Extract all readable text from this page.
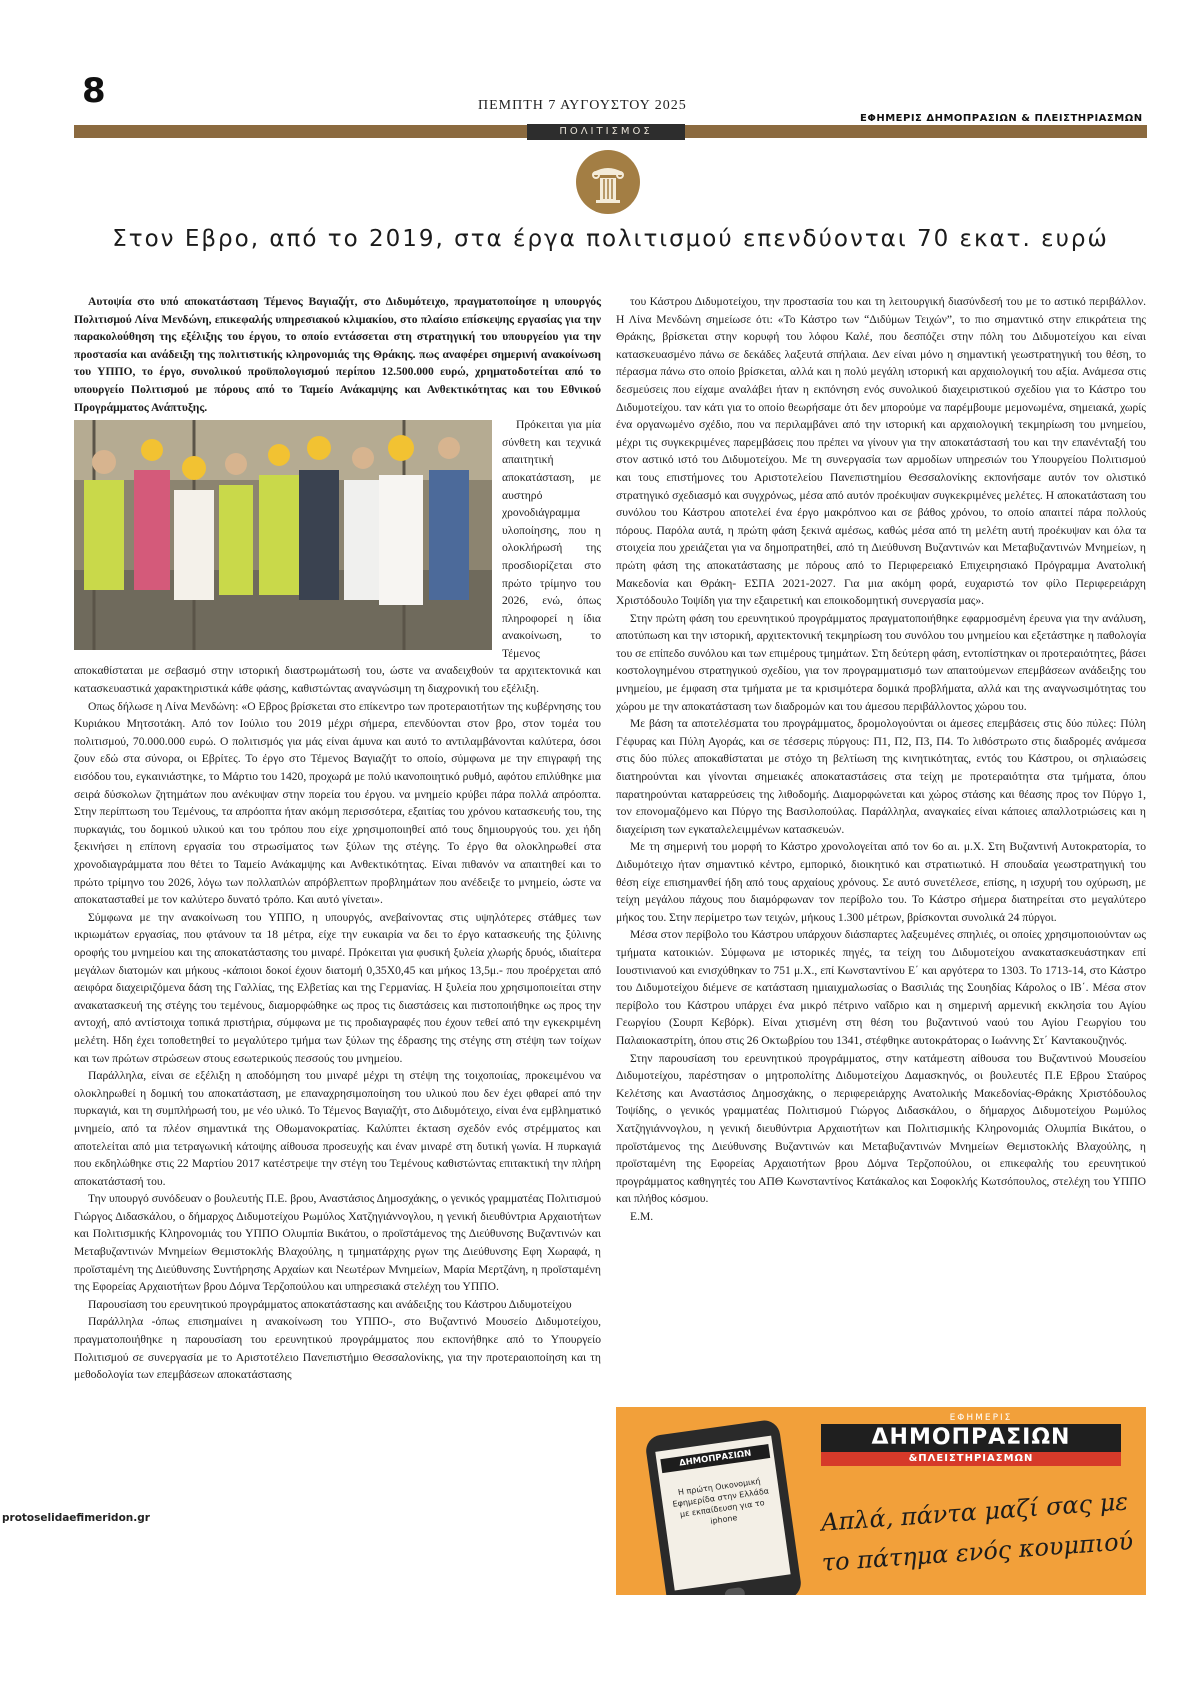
8	ΠΕΜΠΤΗ 7 ΑΥΓΟΥΣΤΟΥ 2025
ΕΦΗΜΕΡΙΣ ΔΗΜΟΠΡΑΣΙΩΝ & ΠΛΕΙΣΤΗΡΙΑΣΜΩΝ
ΠΟΛΙΤΙΣΜΟΣ
Στον Εβρο, από το 2019, στα έργα πολιτισμού επενδύονται 70 εκατ. ευρώ

Αυτοψία στο υπό αποκατάσταση Τέμενος Βαγιαζήτ, στο Διδυμότειχο, πραγματοποίησε η υπουργός Πολιτισμού Λίνα Μενδώνη, επικεφαλής υπηρεσιακού κλιμακίου, στο πλαίσιο επίσκεψης εργασίας για την παρακολούθηση της εξέλιξης του έργου, το οποίο εντάσσεται στη στρατηγική του υπουργείου για την προστασία και ανάδειξη της πολιτιστικής κληρονομιάς της Θράκης. πως αναφέρει σημερινή ανακοίνωση του ΥΠΠΟ, το έργο, συνολικού προϋπολογισμού περίπου 12.500.000 ευρώ, χρηματοδοτείται από το υπουργείο Πολιτισμού με πόρους από το Ταμείο Ανάκαμψης και Ανθεκτικότητας και του Εθνικού Προγράμματος Ανάπτυξης.

Πρόκειται για μία σύνθετη και τεχνικά απαιτητική αποκατάσταση, με αυστηρό χρονοδιάγραμμα υλοποίησης, που η ολοκλήρωσή της προσδιορίζεται στο πρώτο τρίμηνο του 2026, ενώ, όπως πληροφορεί η ίδια ανακοίνωση, το Τέμενος αποκαθίσταται με σεβασμό στην ιστορική διαστρωμάτωσή του, ώστε να αναδειχθούν τα αρχιτεκτονικά και κατασκευαστικά χαρακτηριστικά κάθε φάσης, καθιστώντας αναγνώσιμη τη διαχρονική του εξέλιξη.

Οπως δήλωσε η Λίνα Μενδώνη: «Ο Εβρος βρίσκεται στο επίκεντρο των προτεραιοτήτων της κυβέρνησης του Κυριάκου Μητσοτάκη. Από τον Ιούλιο του 2019 μέχρι σήμερα, επενδύονται στον βρο, στον τομέα του πολιτισμού, 70.000.000 ευρώ. Ο πολιτισμός για μάς είναι άμυνα και αυτό το αντιλαμβάνονται καλύτερα, όσοι ζουν εδώ στα σύνορα, οι Εβρίτες. Το έργο στο Τέμενος Βαγιαζήτ το οποίο, σύμφωνα με την επιγραφή της εισόδου του, εγκαινιάστηκε, το Μάρτιο του 1420, προχωρά με πολύ ικανοποιητικό ρυθμό, αφότου επιλύθηκε μια σειρά δύσκολων ζητημάτων που ανέκυψαν στην πορεία του έργου. να μνημείο κρύβει πάρα πολλά απρόοπτα. Στην περίπτωση του Τεμένους, τα απρόοπτα ήταν ακόμη περισσότερα, εξαιτίας του χρόνου κατασκευής του, της πυρκαγιάς, του δομικού υλικού και του τρόπου που είχε χρησιμοποιηθεί από τους δημιουργούς του. χει ήδη ξεκινήσει η επίπονη εργασία του στρωσίματος των ξύλων της στέγης. Το έργο θα ολοκληρωθεί στα χρονοδιαγράμματα που θέτει το Ταμείο Ανάκαμψης και Ανθεκτικότητας. Είναι πιθανόν να απαιτηθεί και το πρώτο τρίμηνο του 2026, λόγω των πολλαπλών απρόβλεπτων προβλημάτων που ανέδειξε το μνημείο, ώστε να αποκατασταθεί με τον καλύτερο δυνατό τρόπο. Και αυτό γίνεται».

Σύμφωνα με την ανακοίνωση του ΥΠΠΟ, η υπουργός, ανεβαίνοντας στις υψηλότερες στάθμες των ικριωμάτων εργασίας, που φτάνουν τα 18 μέτρα, είχε την ευκαιρία να δει το έργο κατασκευής της ξύλινης οροφής του μνημείου και της αποκατάστασης του μιναρέ. Πρόκειται για φυσική ξυλεία χλωρής δρυός, ιδιαίτερα μεγάλων διατομών και μήκους -κάποιοι δοκοί έχουν διατομή 0,35Χ0,45 και μήκος 13,5μ.- που προέρχεται από αειφόρα διαχειριζόμενα δάση της Γαλλίας, της Ελβετίας και της Γερμανίας. Η ξυλεία που χρησιμοποιείται στην ανακατασκευή της στέγης του τεμένους, διαμορφώθηκε ως προς τις διαστάσεις και πιστοποιήθηκε ως προς την αντοχή, από αντίστοιχα τοπικά πριστήρια, σύμφωνα με τις προδιαγραφές που έχουν τεθεί από την εγκεκριμένη μελέτη. Ηδη έχει τοποθετηθεί το μεγαλύτερο τμήμα των ξύλων της έδρασης της στέγης στη στέψη των τοίχων και των πρώτων στρώσεων στους εσωτερικούς πεσσούς του μνημείου.

Παράλληλα, είναι σε εξέλιξη η αποδόμηση του μιναρέ μέχρι τη στέψη της τοιχοποιίας, προκειμένου να ολοκληρωθεί η δομική του αποκατάσταση, με επαναχρησιμοποίηση του υλικού που δεν έχει φθαρεί από την πυρκαγιά, και τη συμπλήρωσή του, με νέο υλικό. Το Τέμενος Βαγιαζήτ, στο Διδυμότειχο, είναι ένα εμβληματικό μνημείο, από τα πλέον σημαντικά της Οθωμανοκρατίας. Καλύπτει έκταση σχεδόν ενός στρέμματος και αποτελείται από μια τετραγωνική κάτοψης αίθουσα προσευχής και έναν μιναρέ στη δυτική γωνία. Η πυρκαγιά που εκδηλώθηκε στις 22 Μαρτίου 2017 κατέστρεψε την στέγη του Τεμένους καθιστώντας επιτακτική την πλήρη αποκατάστασή του.

Την υπουργό συνόδευαν ο βουλευτής Π.Ε. βρου, Αναστάσιος Δημοσχάκης, ο γενικός γραμματέας Πολιτισμού Γιώργος Διδασκάλου, ο δήμαρχος Διδυμοτείχου Ρωμύλος Χατζηγιάννογλου, η γενική διευθύντρια Αρχαιοτήτων και Πολιτισμικής Κληρονομιάς του ΥΠΠΟ Ολυμπία Βικάτου, ο προϊστάμενος της Διεύθυνσης Βυζαντινών και Μεταβυζαντινών Μνημείων Θεμιστοκλής Βλαχούλης, η τμηματάρχης ργων της Διεύθυνσης Εφη Χωραφά, η προϊσταμένη της Διεύθυνσης Συντήρησης Αρχαίων και Νεωτέρων Μνημείων, Μαρία Μερτζάνη, η προϊσταμένη της Εφορείας Αρχαιοτήτων βρου Δόμνα Τερζοπούλου και υπηρεσιακά στελέχη του ΥΠΠΟ.

Παρουσίαση του ερευνητικού προγράμματος αποκατάστασης και ανάδειξης του Κάστρου Διδυμοτείχου

Παράλληλα -όπως επισημαίνει η ανακοίνωση του ΥΠΠΟ-, στο Βυζαντινό Μουσείο Διδυμοτείχου, πραγματοποιήθηκε η παρουσίαση του ερευνητικού προγράμματος που εκπονήθηκε από το Υπουργείο Πολιτισμού σε συνεργασία με το Αριστοτέλειο Πανεπιστήμιο Θεσσαλονίκης, για την προτεραιοποίηση και τη μεθοδολογία των επεμβάσεων αποκατάστασης

του Κάστρου Διδυμοτείχου, την προστασία του και τη λειτουργική διασύνδεσή του με το αστικό περιβάλλον. Η Λίνα Μενδώνη σημείωσε ότι: «Το Κάστρο των “Διδύμων Τειχών”, το πιο σημαντικό στην επικράτεια της Θράκης, βρίσκεται στην κορυφή του λόφου Καλέ, που δεσπόζει στην πόλη του Διδυμοτείχου και είναι κατασκευασμένο πάνω σε δεκάδες λαξευτά σπήλαια. Δεν είναι μόνο η σημαντική γεωστρατηγική του θέση, το πέρασμα πάνω στο οποίο βρίσκεται, αλλά και η πολύ μεγάλη ιστορική και αρχαιολογική του αξία. Ανάμεσα στις δεσμεύσεις που είχαμε αναλάβει ήταν η εκπόνηση ενός συνολικού διαχειριστικού σχεδίου για το Κάστρο του Διδυμοτείχου. ταν κάτι για το οποίο θεωρήσαμε ότι δεν μπορούμε να παρέμβουμε μεμονωμένα, σημειακά, χωρίς ένα οργανωμένο σχέδιο, που να περιλαμβάνει από την ιστορική και αρχαιολογική τεκμηρίωση του μνημείου, μέχρι τις συγκεκριμένες παρεμβάσεις που πρέπει να γίνουν για την αποκατάστασή του και την επανένταξή του στον αστικό ιστό του Διδυμοτείχου. Με τη συνεργασία των αρμοδίων υπηρεσιών του Υπουργείου Πολιτισμού και τους επιστήμονες του Αριστοτελείου Πανεπιστημίου Θεσσαλονίκης εκπονήσαμε αυτόν τον ολιστικό στρατηγικό σχεδιασμό και συγχρόνως, μέσα από αυτόν προέκυψαν συγκεκριμένες μελέτες. Η αποκατάσταση του συνόλου του Κάστρου αποτελεί ένα έργο μακρόπνοο και σε βάθος χρόνου, το οποίο απαιτεί πάρα πολλούς πόρους. Παρόλα αυτά, η πρώτη φάση ξεκινά αμέσως, καθώς μέσα από τη μελέτη αυτή προέκυψαν και όλα τα στοιχεία που χρειάζεται για να δημοπρατηθεί, από τη Διεύθυνση Βυζαντινών και Μεταβυζαντινών Μνημείων, η πρώτη φάση της αποκατάστασης με πόρους από το Περιφερειακό Επιχειρησιακό Πρόγραμμα Ανατολική Μακεδονία και Θράκη- ΕΣΠΑ 2021-2027. Για μια ακόμη φορά, ευχαριστώ τον φίλο Περιφερειάρχη Χριστόδουλο Τοψίδη για την εξαιρετική και εποικοδομητική συνεργασία μας».

Στην πρώτη φάση του ερευνητικού προγράμματος πραγματοποιήθηκε εφαρμοσμένη έρευνα για την ανάλυση, αποτύπωση και την ιστορική, αρχιτεκτονική τεκμηρίωση του συνόλου του μνημείου και εξετάστηκε η παθολογία του σε επίπεδο συνόλου και των επιμέρους τμημάτων. Στη δεύτερη φάση, εντοπίστηκαν οι προτεραιότητες, βάσει κοστολογημένου στρατηγικού σχεδίου, για τον προγραμματισμό των απαιτούμενων επεμβάσεων ανάδειξης του μνημείου, με έμφαση στα τμήματα με τα κρισιμότερα δομικά προβλήματα, αλλά και της αναγνωσιμότητας του χώρου με την αποκατάσταση των διαδρομών και του άμεσου περιβάλλοντος χώρου του.

Με βάση τα αποτελέσματα του προγράμματος, δρομολογούνται οι άμεσες επεμβάσεις στις δύο πύλες: Πύλη Γέφυρας και Πύλη Αγοράς, και σε τέσσερις πύργους: Π1, Π2, Π3, Π4. Το λιθόστρωτο στις διαδρομές ανάμεσα στις δύο πύλες αποκαθίσταται με στόχο τη βελτίωση της κινητικότητας, εντός του Κάστρου, οι σηλιαώσεις διατηρούνται και γίνονται σημειακές αποκαταστάσεις στα τείχη με προτεραιότητα στα τμήματα, όπου παρατηρούνται καταρρεύσεις της λιθοδομής. Διαμορφώνεται και χώρος στάσης και θέασης προς τον Πύργο 1, τον επονομαζόμενο και Πύργο της Βασιλοπούλας. Παράλληλα, αναγκαίες είναι κάποιες απαλλοτριώσεις και η διαχείριση των εγκαταλελειμμένων κατασκευών.

Με τη σημερινή του μορφή το Κάστρο χρονολογείται από τον 6ο αι. μ.Χ. Στη Βυζαντινή Αυτοκρατορία, το Διδυμότειχο ήταν σημαντικό κέντρο, εμπορικό, διοικητικό και στρατιωτικό. Η σπουδαία γεωστρατηγική του θέση είχε επισημανθεί ήδη από τους αρχαίους χρόνους. Σε αυτό συνετέλεσε, επίσης, η ισχυρή του οχύρωση, με τείχη μεγάλου πάχους που διαμόρφωναν τον περίβολο του. Το Κάστρο σήμερα διατηρείται στο μεγαλύτερο μήκος του. Στην περίμετρο των τειχών, μήκους 1.300 μέτρων, βρίσκονται συνολικά 24 πύργοι.

Μέσα στον περίβολο του Κάστρου υπάρχουν διάσπαρτες λαξευμένες σπηλιές, οι οποίες χρησιμοποιούνταν ως τμήματα κατοικιών. Σύμφωνα με ιστορικές πηγές, τα τείχη του Διδυμοτείχου ανακατασκευάστηκαν επί Ιουστινιανού και ενισχύθηκαν το 751 μ.Χ., επί Κωνσταντίνου Ε΄ και αργότερα το 1303. Το 1713-14, στο Κάστρο του Διδυμοτείχου διέμενε σε κατάσταση ημιαιχμαλωσίας ο Βασιλιάς της Σουηδίας Κάρολος ο ΙΒ΄. Μέσα στον περίβολο του Κάστρου υπάρχει ένα μικρό πέτρινο ναΐδριο και η σημερινή αρμενική εκκλησία του Αγίου Γεωργίου (Σουρπ Κεβόρκ). Είναι χτισμένη στη θέση του βυζαντινού ναού του Αγίου Γεωργίου του Παλαιοκαστρίτη, όπου στις 26 Οκτωβρίου του 1341, στέφθηκε αυτοκράτορας ο Ιωάννης Στ΄ Καντακουζηνός.

Στην παρουσίαση του ερευνητικού προγράμματος, στην κατάμεστη αίθουσα του Βυζαντινού Μουσείου Διδυμοτείχου, παρέστησαν ο μητροπολίτης Διδυμοτείχου Δαμασκηνός, οι βουλευτές Π.Ε Εβρου Σταύρος Κελέτσης και Αναστάσιος Δημοσχάκης, ο περιφερειάρχης Ανατολικής Μακεδονίας-Θράκης Χριστόδουλος Τοψίδης, ο γενικός γραμματέας Πολιτισμού Γιώργος Διδασκάλου, ο δήμαρχος Διδυμοτείχου Ρωμύλος Χατζηγιάννογλου, η γενική διευθύντρια Αρχαιοτήτων και Πολιτισμικής Κληρονομιάς Ολυμπία Βικάτου, ο προϊστάμενος της Διεύθυνσης Βυζαντινών και Μεταβυζαντινών Μνημείων Θεμιστοκλής Βλαχούλης, η προϊσταμένη της Εφορείας Αρχαιοτήτων βρου Δόμνα Τερζοπούλου, οι επικεφαλής του ερευνητικού προγράμματος καθηγητές του ΑΠΘ Κωνσταντίνος Κατάκαλος και Σοφοκλής Κωτσόπουλος, στελέχη του ΥΠΠΟ και πλήθος κόσμου.

Ε.Μ.

protoselidaefimeridon.gr
ΔΗΜΟΠΡΑΣΙΩΝ
Η πρώτη Οικονομική Εφημερίδα στην Ελλάδα με εκπαίδευση για το iphone
ΕΦΗΜΕΡΙΣ
ΔΗΜΟΠΡΑΣΙΩΝ
&ΠΛΕΙΣΤΗΡΙΑΣΜΩΝ
Απλά, πάντα μαζί σας με το πάτημα ενός κουμπιού
